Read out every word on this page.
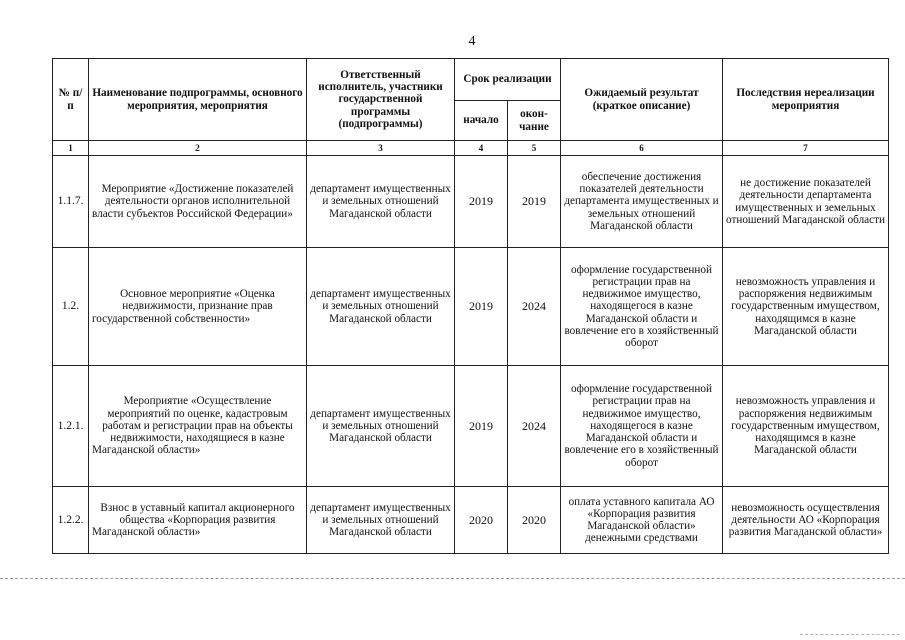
4
№ п/п	Наименование подпрограммы, основного мероприятия, мероприятия	Ответственный исполнитель, участники государственной программы (подпрограммы)	Срок реализации		Ожидаемый результат (краткое описание)	Последствия нереализации мероприятия
			начало	окон-чание		
1	2	3	4	5	6	7
1.1.7.	Мероприятие «Достижение показателей деятельности органов исполнительной власти субъектов Российской Федерации»	департамент имущественных и земельных отношений Магаданской области	2019	2019	обеспечение достижения показателей деятельности департамента имущественных и земельных отношений Магаданской области	не достижение показателей деятельности департамента имущественных и земельных отношений Магаданской области
1.2.	Основное мероприятие «Оценка недвижимости, признание прав государственной собственности»	департамент имущественных и земельных отношений Магаданской области	2019	2024	оформление государственной регистрации прав на недвижимое имущество, находящегося в казне Магаданской области и вовлечение его в хозяйственный оборот	невозможность управления и распоряжения недвижимым государственным имуществом, находящимся в казне Магаданской области
1.2.1.	Мероприятие «Осуществление мероприятий по оценке, кадастровым работам и регистрации прав на объекты недвижимости, находящиеся в казне Магаданской области»	департамент имущественных и земельных отношений Магаданской области	2019	2024	оформление государственной регистрации прав на недвижимое имущество, находящегося в казне Магаданской области и вовлечение его в хозяйственный оборот	невозможность управления и распоряжения недвижимым государственным имуществом, находящимся в казне Магаданской области
1.2.2.	Взнос в уставный капитал акционерного общества «Корпорация развития Магаданской области»	департамент имущественных и земельных отношений Магаданской области	2020	2020	оплата уставного капитала АО «Корпорация развития Магаданской области» денежными средствами	невозможность осуществления деятельности АО «Корпорация развития Магаданской области»
